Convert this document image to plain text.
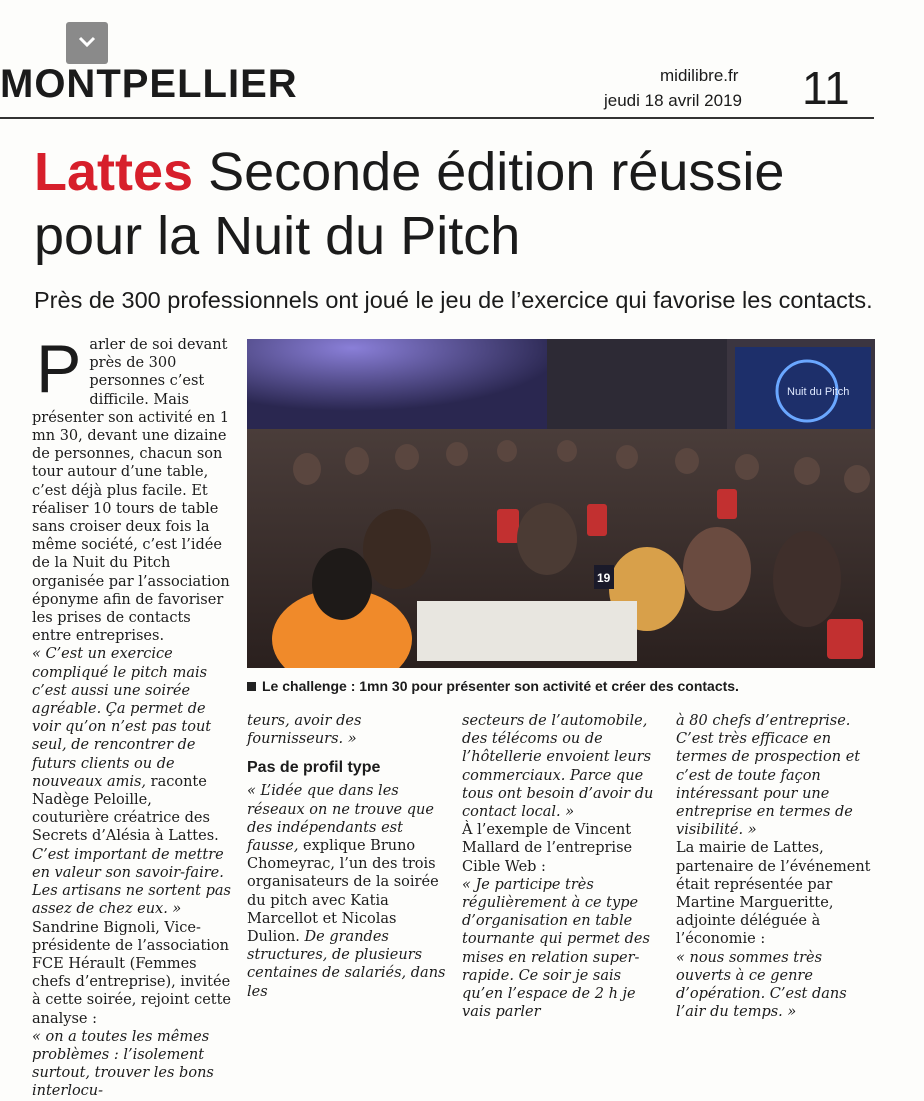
MONTPELLIER	midilibre.fr
jeudi 18 avril 2019 11
Lattes Seconde édition réussie
pour la Nuit du Pitch
Près de 300 professionnels ont joué le jeu de l’exercice qui favorise les contacts.
P arler de soi devant près de 300 personnes c’est difficile. Mais présenter son activité en 1 mn 30, devant une dizaine de personnes, chacun son tour autour d’une table, c’est déjà plus facile. Et réaliser 10 tours de table sans croiser deux fois la même société, c’est l’idée de la Nuit du Pitch organisée par l’association éponyme afin de favoriser les prises de contacts entre entreprises.

« C’est un exercice compliqué le pitch mais c’est aussi une soirée agréable. Ça permet de voir qu’on n’est pas tout seul, de rencontrer de futurs clients ou de nouveaux amis, raconte Nadège Peloille, couturière créatrice des Secrets d’Alésia à Lattes. C’est important de mettre en valeur son savoir-faire. Les artisans ne sortent pas assez de chez eux. »

Sandrine Bignoli, Vice-présidente de l’association FCE Hérault (Femmes chefs d’entreprise), invitée à cette soirée, rejoint cette analyse :

« on a toutes les mêmes problèmes : l’isolement surtout, trouver les bons interlocu-

Nuit du Pitch
19
Le challenge : 1mn 30 pour présenter son activité et créer des contacts.

teurs, avoir des fournisseurs. »

Pas de profil type

« L’idée que dans les réseaux on ne trouve que des indépendants est fausse, explique Bruno Chomeyrac, l’un des trois organisateurs de la soirée du pitch avec Katia Marcellot et Nicolas Dulion. De grandes structures, de plusieurs centaines de salariés, dans les

secteurs de l’automobile, des télécoms ou de l’hôtellerie envoient leurs commerciaux. Parce que tous ont besoin d’avoir du contact local. »

À l’exemple de Vincent Mallard de l’entreprise Cible Web :

« Je participe très régulièrement à ce type d’organisation en table tournante qui permet des mises en relation super-rapide. Ce soir je sais qu’en l’espace de 2 h je vais parler

à 80 chefs d’entreprise. C’est très efficace en termes de prospection et c’est de toute façon intéressant pour une entreprise en termes de visibilité. »

La mairie de Lattes, partenaire de l’événement était représentée par Martine Margueritte, adjointe déléguée à l’économie :

« nous sommes très ouverts à ce genre d’opération. C’est dans l’air du temps. »
